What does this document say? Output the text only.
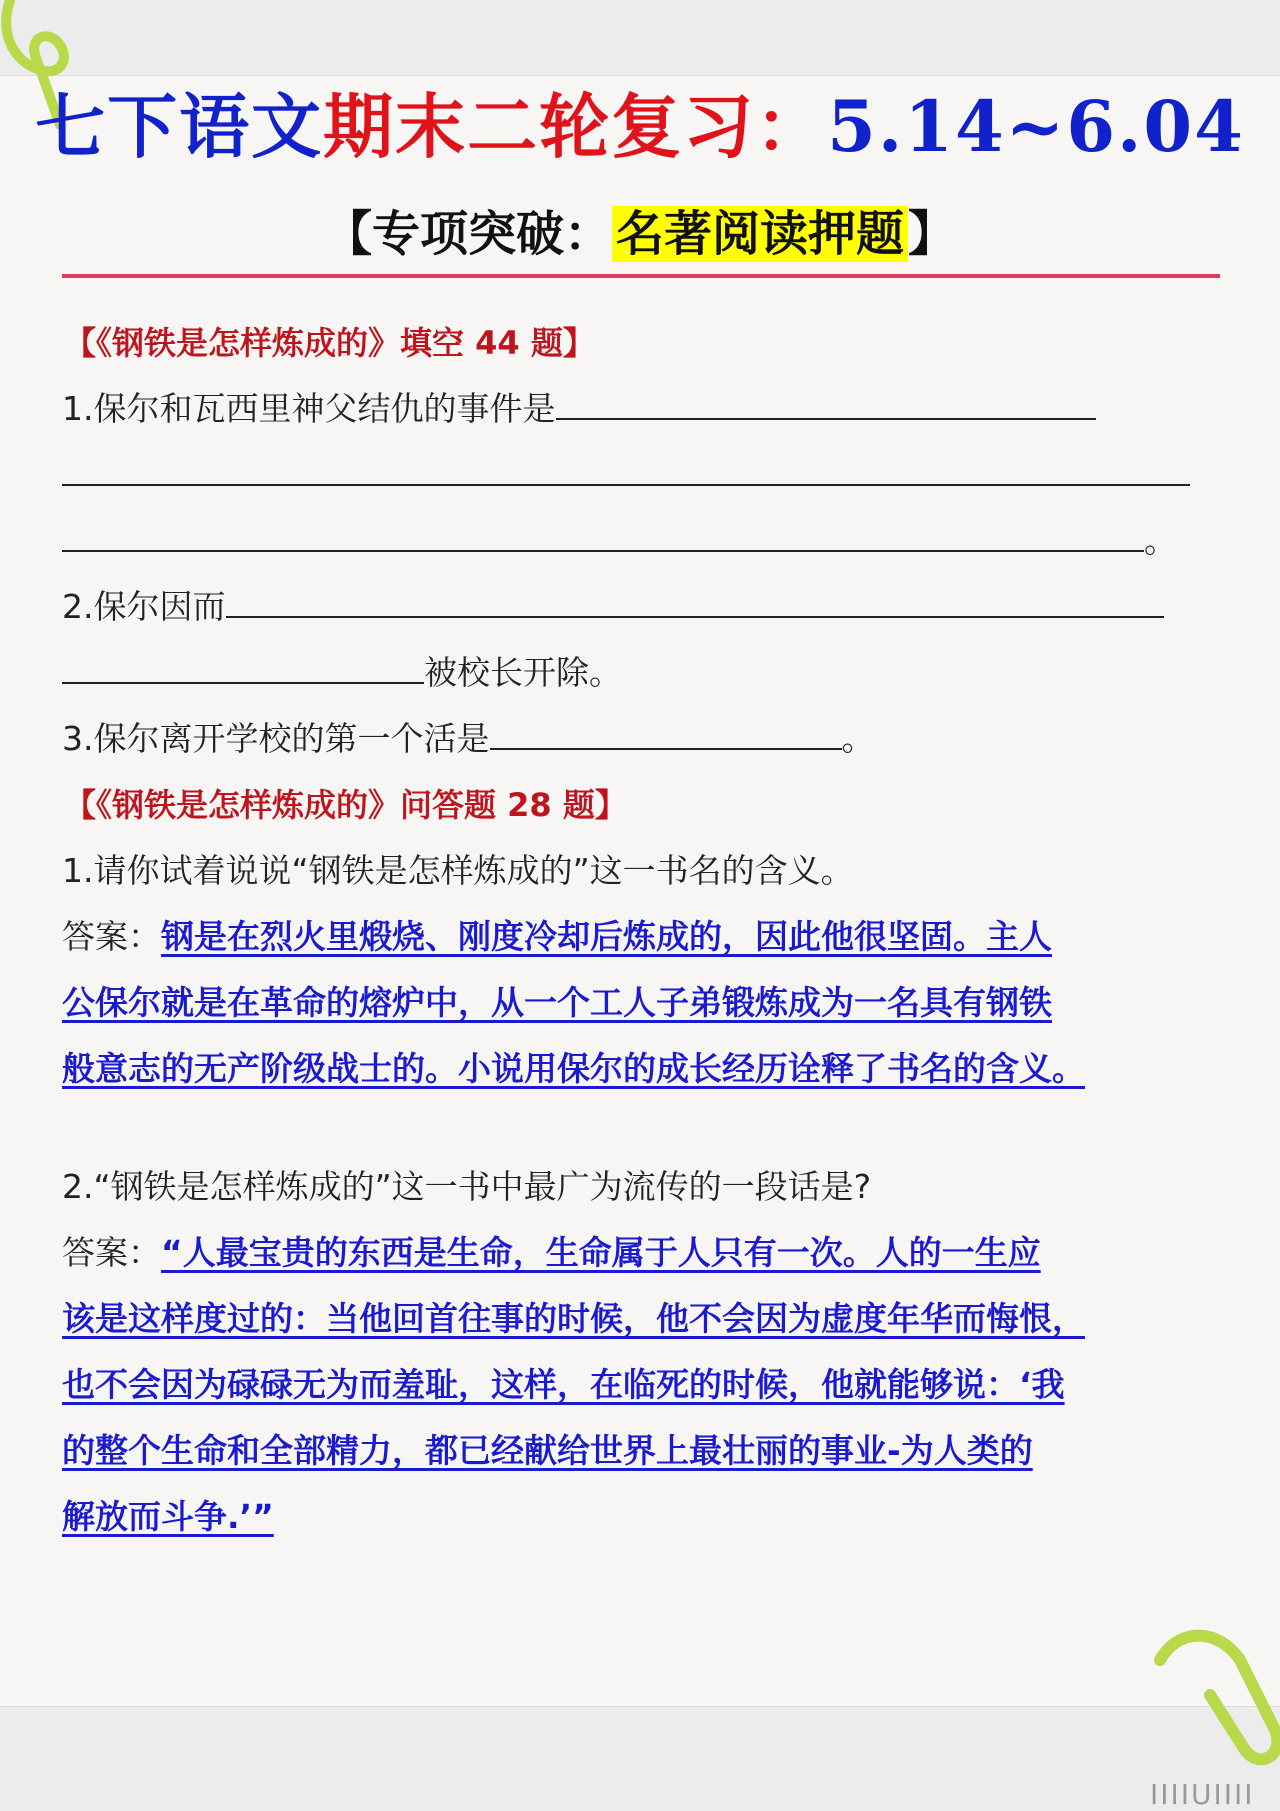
七下语文期末二轮复习：5.14~6.04
【专项突破：名著阅读押题】
【《钢铁是怎样炼成的》填空 44 题】
1.保尔和瓦西里神父结仇的事件是
。
2.保尔因而
被校长开除。
3.保尔离开学校的第一个活是	。
【《钢铁是怎样炼成的》问答题 28 题】
1.请你试着说说“钢铁是怎样炼成的”这一书名的含义。
答案：钢是在烈火里煅烧、刚度冷却后炼成的，因此他很坚固。主人
公保尔就是在革命的熔炉中，从一个工人子弟锻炼成为一名具有钢铁
般意志的无产阶级战士的。小说用保尔的成长经历诠释了书名的含义。
2.“钢铁是怎样炼成的”这一书中最广为流传的一段话是?
答案：“人最宝贵的东西是生命，生命属于人只有一次。人的一生应
该是这样度过的：当他回首往事的时候，他不会因为虚度年华而悔恨，
也不会因为碌碌无为而羞耻，这样，在临死的时候，他就能够说：‘我
的整个生命和全部精力，都已经献给世界上最壮丽的事业-为人类的
解放而斗争.’”
IIIIUIIII
